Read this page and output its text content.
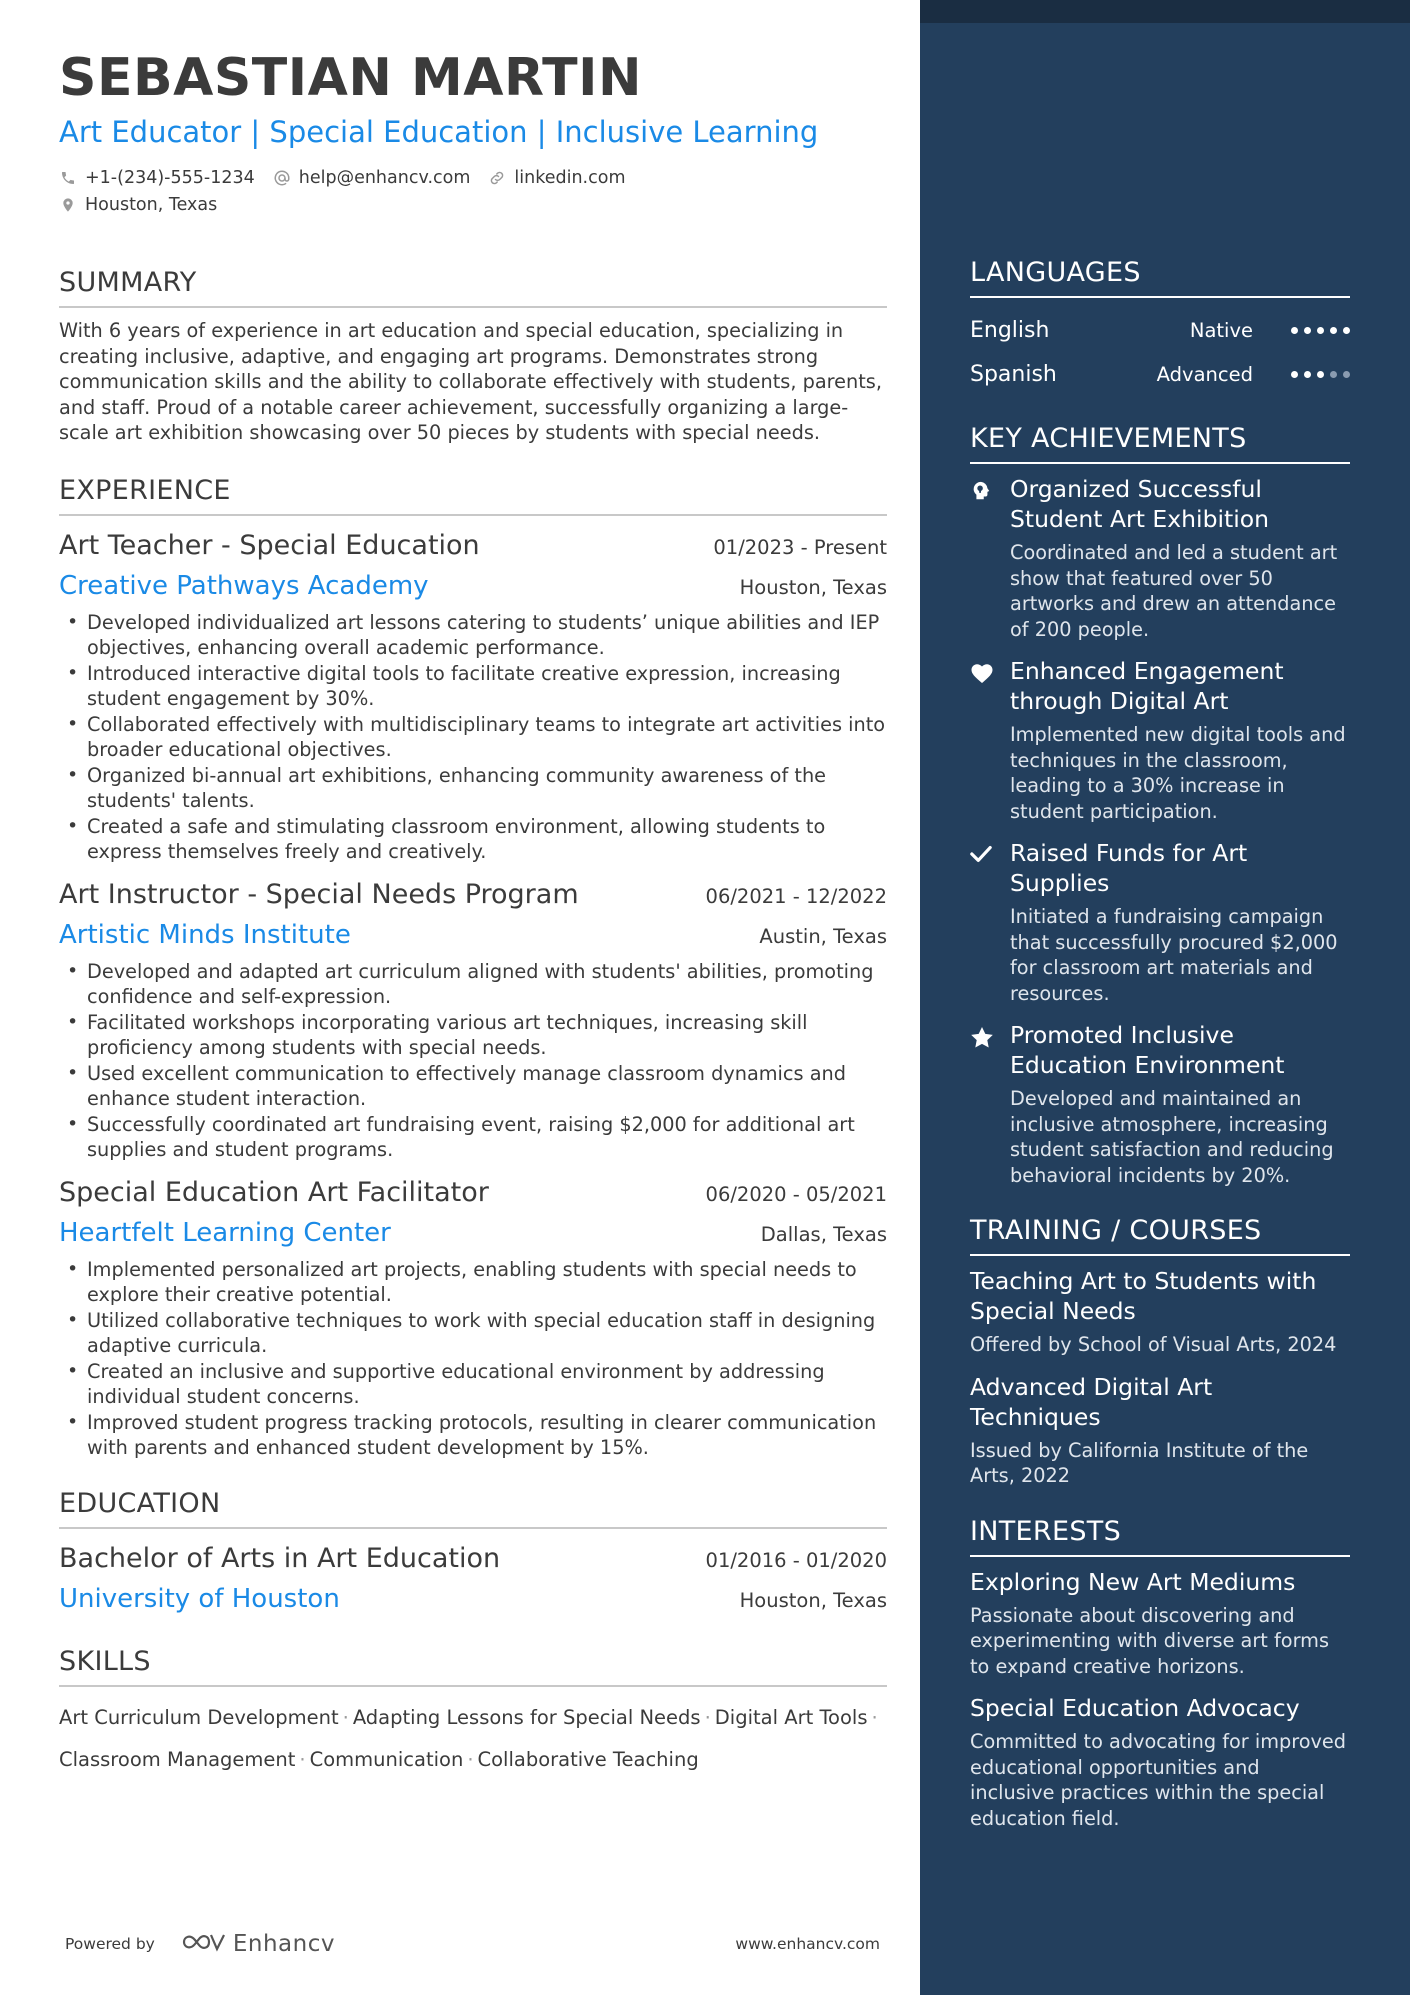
SEBASTIAN MARTIN
Art Educator | Special Education | Inclusive Learning
+1-(234)-555-1234	help@enhancv.com	linkedin.com
Houston, Texas
SUMMARY
With 6 years of experience in art education and special education, specializing in creating inclusive, adaptive, and engaging art programs. Demonstrates strong communication skills and the ability to collaborate effectively with students, parents, and staff. Proud of a notable career achievement, successfully organizing a large-scale art exhibition showcasing over 50 pieces by students with special needs.
EXPERIENCE
Art Teacher - Special Education	01/2023 - Present
Creative Pathways Academy	Houston, Texas
• Developed individualized art lessons catering to students’ unique abilities and IEP objectives, enhancing overall academic performance.
• Introduced interactive digital tools to facilitate creative expression, increasing student engagement by 30%.
• Collaborated effectively with multidisciplinary teams to integrate art activities into broader educational objectives.
• Organized bi-annual art exhibitions, enhancing community awareness of the students' talents.
• Created a safe and stimulating classroom environment, allowing students to express themselves freely and creatively.
Art Instructor - Special Needs Program	06/2021 - 12/2022
Artistic Minds Institute	Austin, Texas
• Developed and adapted art curriculum aligned with students' abilities, promoting confidence and self-expression.
• Facilitated workshops incorporating various art techniques, increasing skill proficiency among students with special needs.
• Used excellent communication to effectively manage classroom dynamics and enhance student interaction.
• Successfully coordinated art fundraising event, raising $2,000 for additional art supplies and student programs.
Special Education Art Facilitator	06/2020 - 05/2021
Heartfelt Learning Center	Dallas, Texas
• Implemented personalized art projects, enabling students with special needs to explore their creative potential.
• Utilized collaborative techniques to work with special education staff in designing adaptive curricula.
• Created an inclusive and supportive educational environment by addressing individual student concerns.
• Improved student progress tracking protocols, resulting in clearer communication with parents and enhanced student development by 15%.
EDUCATION
Bachelor of Arts in Art Education	01/2016 - 01/2020
University of Houston	Houston, Texas
SKILLS
Art Curriculum Development · Adapting Lessons for Special Needs · Digital Art Tools ·
Classroom Management · Communication · Collaborative Teaching
Powered by	Enhancv	www.enhancv.com
LANGUAGES
English	Native
Spanish	Advanced
KEY ACHIEVEMENTS
Organized Successful Student Art Exhibition
Coordinated and led a student art show that featured over 50 artworks and drew an attendance of 200 people.
Enhanced Engagement through Digital Art
Implemented new digital tools and techniques in the classroom, leading to a 30% increase in student participation.
Raised Funds for Art Supplies
Initiated a fundraising campaign that successfully procured $2,000 for classroom art materials and resources.
Promoted Inclusive Education Environment
Developed and maintained an inclusive atmosphere, increasing student satisfaction and reducing behavioral incidents by 20%.
TRAINING / COURSES
Teaching Art to Students with Special Needs
Offered by School of Visual Arts, 2024
Advanced Digital Art Techniques
Issued by California Institute of the Arts, 2022
INTERESTS
Exploring New Art Mediums
Passionate about discovering and experimenting with diverse art forms to expand creative horizons.
Special Education Advocacy
Committed to advocating for improved educational opportunities and inclusive practices within the special education field.
